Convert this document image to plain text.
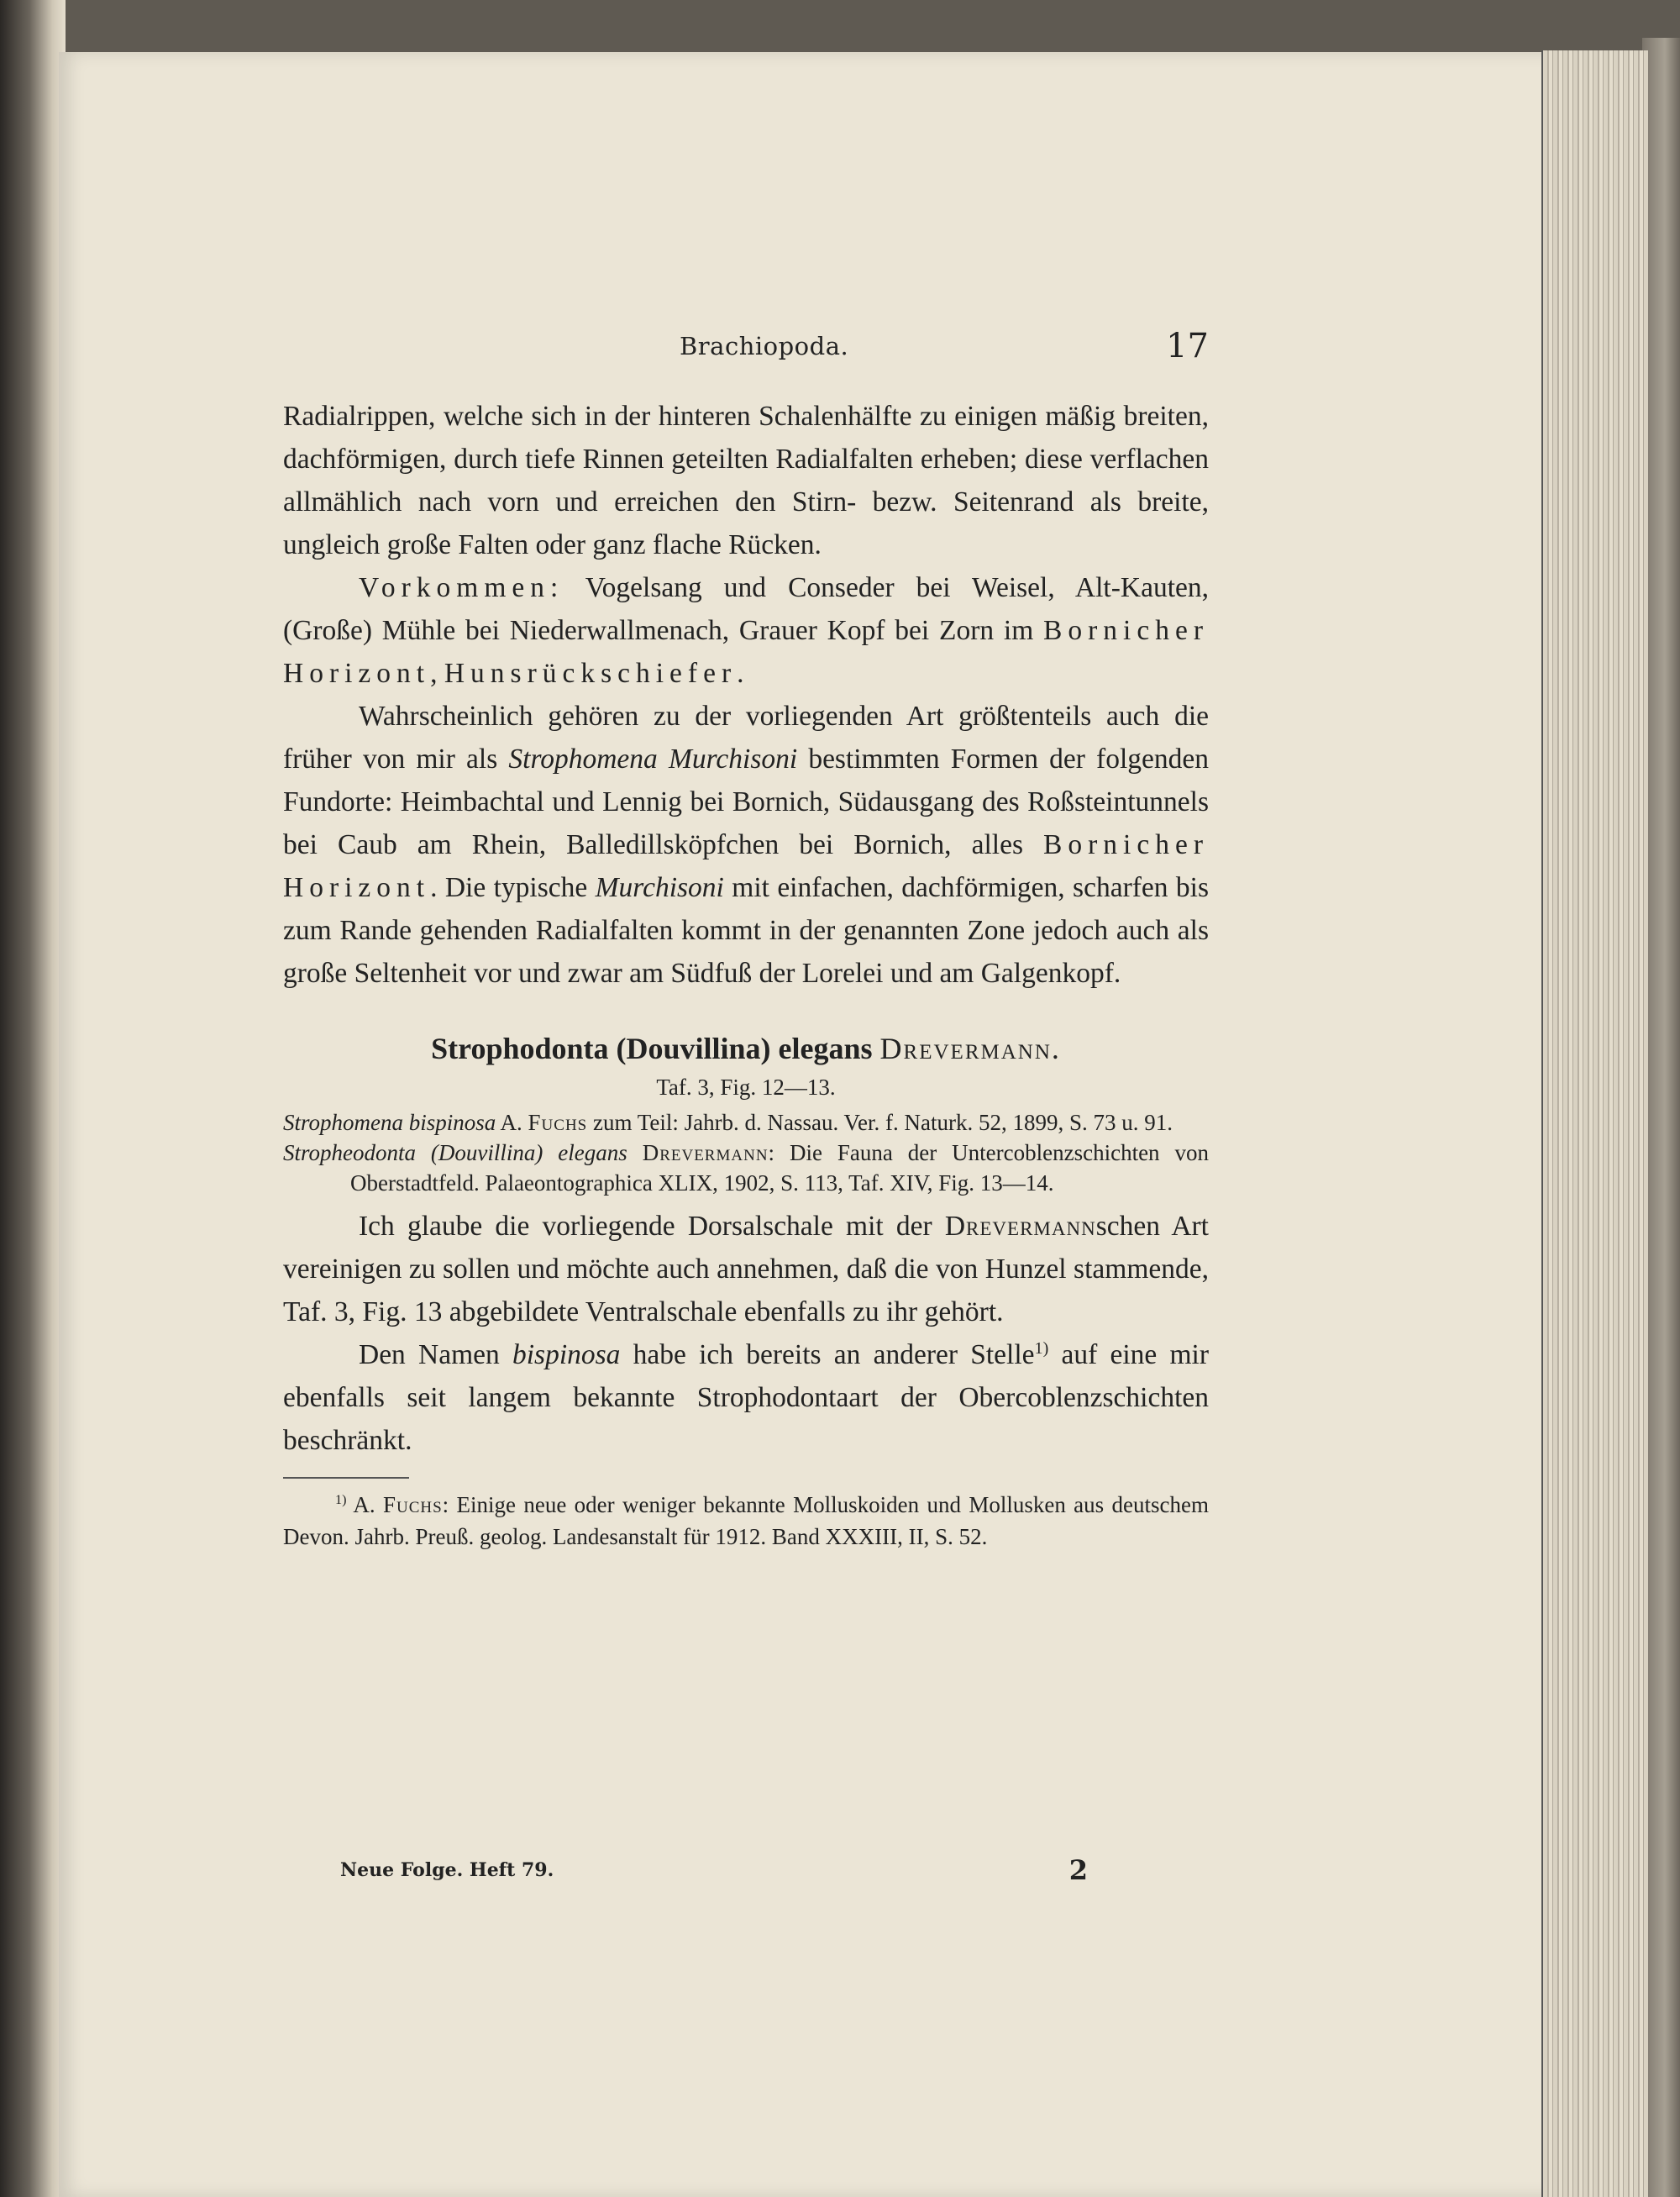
Brachiopoda.	17

Radialrippen, welche sich in der hinteren Schalenhälfte zu einigen mäßig breiten, dachförmigen, durch tiefe Rinnen geteilten Radialfalten erheben; diese verflachen allmählich nach vorn und erreichen den Stirn- bezw. Seitenrand als breite, ungleich große Falten oder ganz flache Rücken.

Vorkommen: Vogelsang und Conseder bei Weisel, Alt-Kauten, (Große) Mühle bei Niederwallmenach, Grauer Kopf bei Zorn im Bornicher Horizont, Hunsrückschiefer.

Wahrscheinlich gehören zu der vorliegenden Art größtenteils auch die früher von mir als Strophomena Murchisoni bestimmten Formen der folgenden Fundorte: Heimbachtal und Lennig bei Bornich, Südausgang des Roßsteintunnels bei Caub am Rhein, Balledillsköpfchen bei Bornich, alles Bornicher Horizont. Die typische Murchisoni mit einfachen, dachförmigen, scharfen bis zum Rande gehenden Radialfalten kommt in der genannten Zone jedoch auch als große Seltenheit vor und zwar am Südfuß der Lorelei und am Galgenkopf.

Strophodonta (Douvillina) elegans Drevermann.
Taf. 3, Fig. 12—13.
Strophomena bispinosa A. Fuchs zum Teil: Jahrb. d. Nassau. Ver. f. Naturk. 52, 1899, S. 73 u. 91.
Stropheodonta (Douvillina) elegans Drevermann: Die Fauna der Untercoblenzschichten von Oberstadtfeld. Palaeontographica XLIX, 1902, S. 113, Taf. XIV, Fig. 13—14.

Ich glaube die vorliegende Dorsalschale mit der Drevermannschen Art vereinigen zu sollen und möchte auch annehmen, daß die von Hunzel stammende, Taf. 3, Fig. 13 abgebildete Ventralschale ebenfalls zu ihr gehört.

Den Namen bispinosa habe ich bereits an anderer Stelle$^{1)}$ auf eine mir ebenfalls seit langem bekannte Strophodontaart der Obercoblenzschichten beschränkt.

$^{1)}$ A. Fuchs: Einige neue oder weniger bekannte Molluskoiden und Mollusken aus deutschem Devon. Jahrb. Preuß. geolog. Landesanstalt für 1912. Band XXXIII, II, S. 52.
Neue Folge. Heft 79.	2
